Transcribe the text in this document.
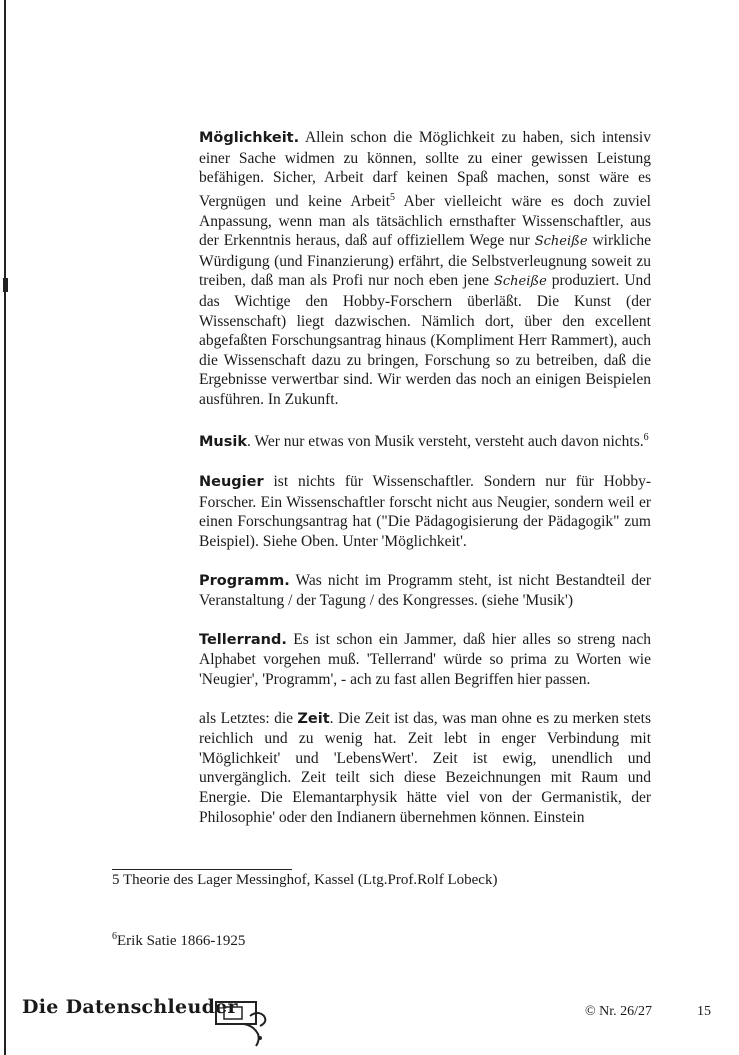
Möglichkeit. Allein schon die Möglichkeit zu haben, sich intensiv einer Sache widmen zu können, sollte zu einer gewissen Leistung befähigen. Sicher, Arbeit darf keinen Spaß machen, sonst wäre es Vergnügen und keine Arbeit$^5$ Aber vielleicht wäre es doch zuviel Anpassung, wenn man als tätsächlich ernsthafter Wissenschaftler, aus der Erkenntnis heraus, daß auf offiziellem Wege nur Scheiße wirkliche Würdigung (und Finanzierung) erfährt, die Selbstverleugnung soweit zu treiben, daß man als Profi nur noch eben jene Scheiße produziert. Und das Wichtige den Hobby-Forschern überläßt. Die Kunst (der Wissenschaft) liegt dazwischen. Nämlich dort, über den excellent abgefaßten Forschungsantrag hinaus (Kompliment Herr Rammert), auch die Wissenschaft dazu zu bringen, Forschung so zu betreiben, daß die Ergebnisse verwertbar sind. Wir werden das noch an einigen Beispielen ausführen. In Zukunft.

Musik. Wer nur etwas von Musik versteht, versteht auch davon nichts.$^6$

Neugier ist nichts für Wissenschaftler. Sondern nur für Hobby-Forscher. Ein Wissenschaftler forscht nicht aus Neugier, sondern weil er einen Forschungsantrag hat ("Die Pädagogisierung der Pädagogik" zum Beispiel). Siehe Oben. Unter 'Möglichkeit'.

Programm. Was nicht im Programm steht, ist nicht Bestandteil der Veranstaltung / der Tagung / des Kongresses. (siehe 'Musik')

Tellerrand. Es ist schon ein Jammer, daß hier alles so streng nach Alphabet vorgehen muß. 'Tellerrand' würde so prima zu Worten wie 'Neugier', 'Programm', - ach zu fast allen Begriffen hier passen.

als Letztes: die Zeit. Die Zeit ist das, was man ohne es zu merken stets reichlich und zu wenig hat. Zeit lebt in enger Verbindung mit 'Möglichkeit' und 'LebensWert'. Zeit ist ewig, unendlich und unvergänglich. Zeit teilt sich diese Bezeichnungen mit Raum und Energie. Die Elemantarphysik hätte viel von der Germanistik, der Philosophie' oder den Indianern übernehmen können. Einstein

5 Theorie des Lager Messinghof, Kassel (Ltg.Prof.Rolf Lobeck)
$^6$Erik Satie 1866-1925
Die Datenschleuder	© Nr. 26/27	15
